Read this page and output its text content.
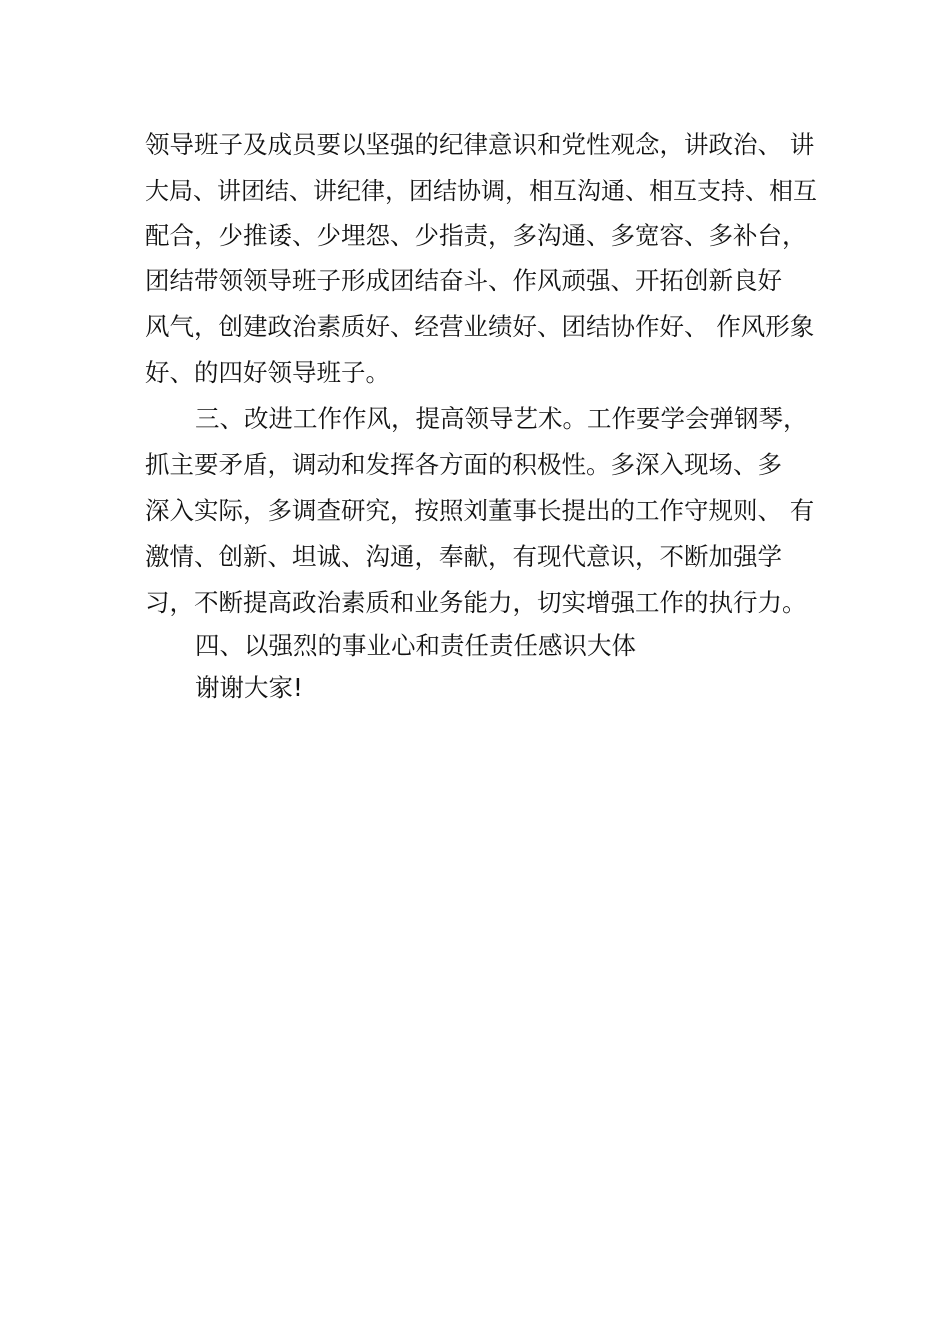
领导班子及成员要以坚强的纪律意识和党性观念，讲政治、 讲
大局、讲团结、讲纪律，团结协调，相互沟通、相互支持、相互
配合，少推诿、少埋怨、少指责，多沟通、多宽容、多补台，
团结带领领导班子形成团结奋斗、作风顽强、开拓创新良好
风气，创建政治素质好、经营业绩好、团结协作好、 作风形象
好、的四好领导班子。
三、改进工作作风，提高领导艺术。工作要学会弹钢琴，
抓主要矛盾，调动和发挥各方面的积极性。多深入现场、多
深入实际，多调查研究，按照刘董事长提出的工作守规则、 有
激情、创新、坦诚、沟通，奉献，有现代意识，不断加强学
习，不断提高政治素质和业务能力，切实增强工作的执行力。
四、以强烈的事业心和责任责任感识大体
谢谢大家!
